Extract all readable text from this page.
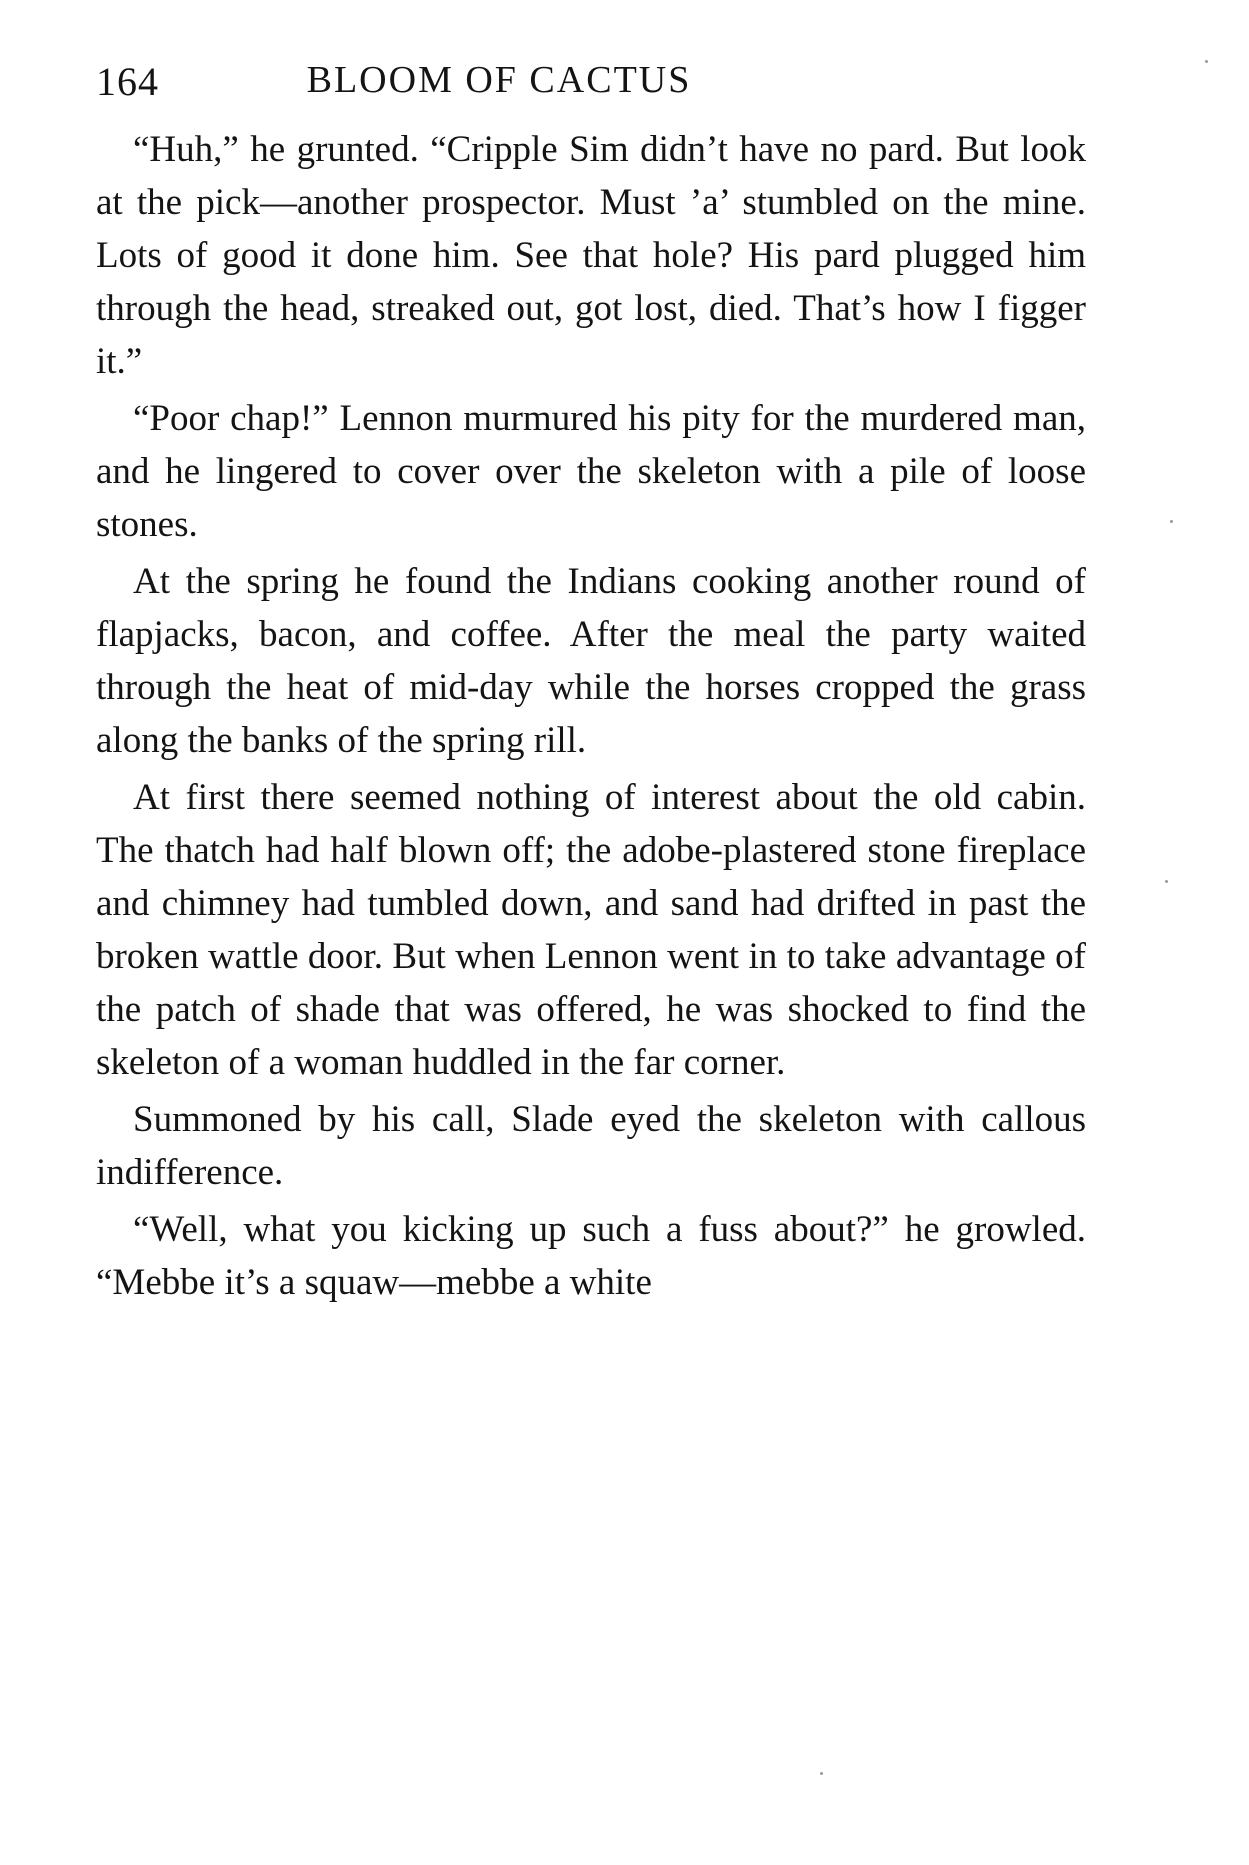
164	BLOOM OF CACTUS

“Huh,” he grunted. “Cripple Sim didn’t have no pard. But look at the pick—another prospector. Must ’a’ stumbled on the mine. Lots of good it done him. See that hole? His pard plugged him through the head, streaked out, got lost, died. That’s how I figger it.”

“Poor chap!” Lennon murmured his pity for the murdered man, and he lingered to cover over the skeleton with a pile of loose stones.

At the spring he found the Indians cooking another round of flapjacks, bacon, and coffee. After the meal the party waited through the heat of mid-day while the horses cropped the grass along the banks of the spring rill.

At first there seemed nothing of interest about the old cabin. The thatch had half blown off; the adobe-plastered stone fireplace and chimney had tumbled down, and sand had drifted in past the broken wattle door. But when Lennon went in to take advantage of the patch of shade that was offered, he was shocked to find the skeleton of a woman huddled in the far corner.

Summoned by his call, Slade eyed the skeleton with callous indifference.

“Well, what you kicking up such a fuss about?” he growled. “Mebbe it’s a squaw—mebbe a white
